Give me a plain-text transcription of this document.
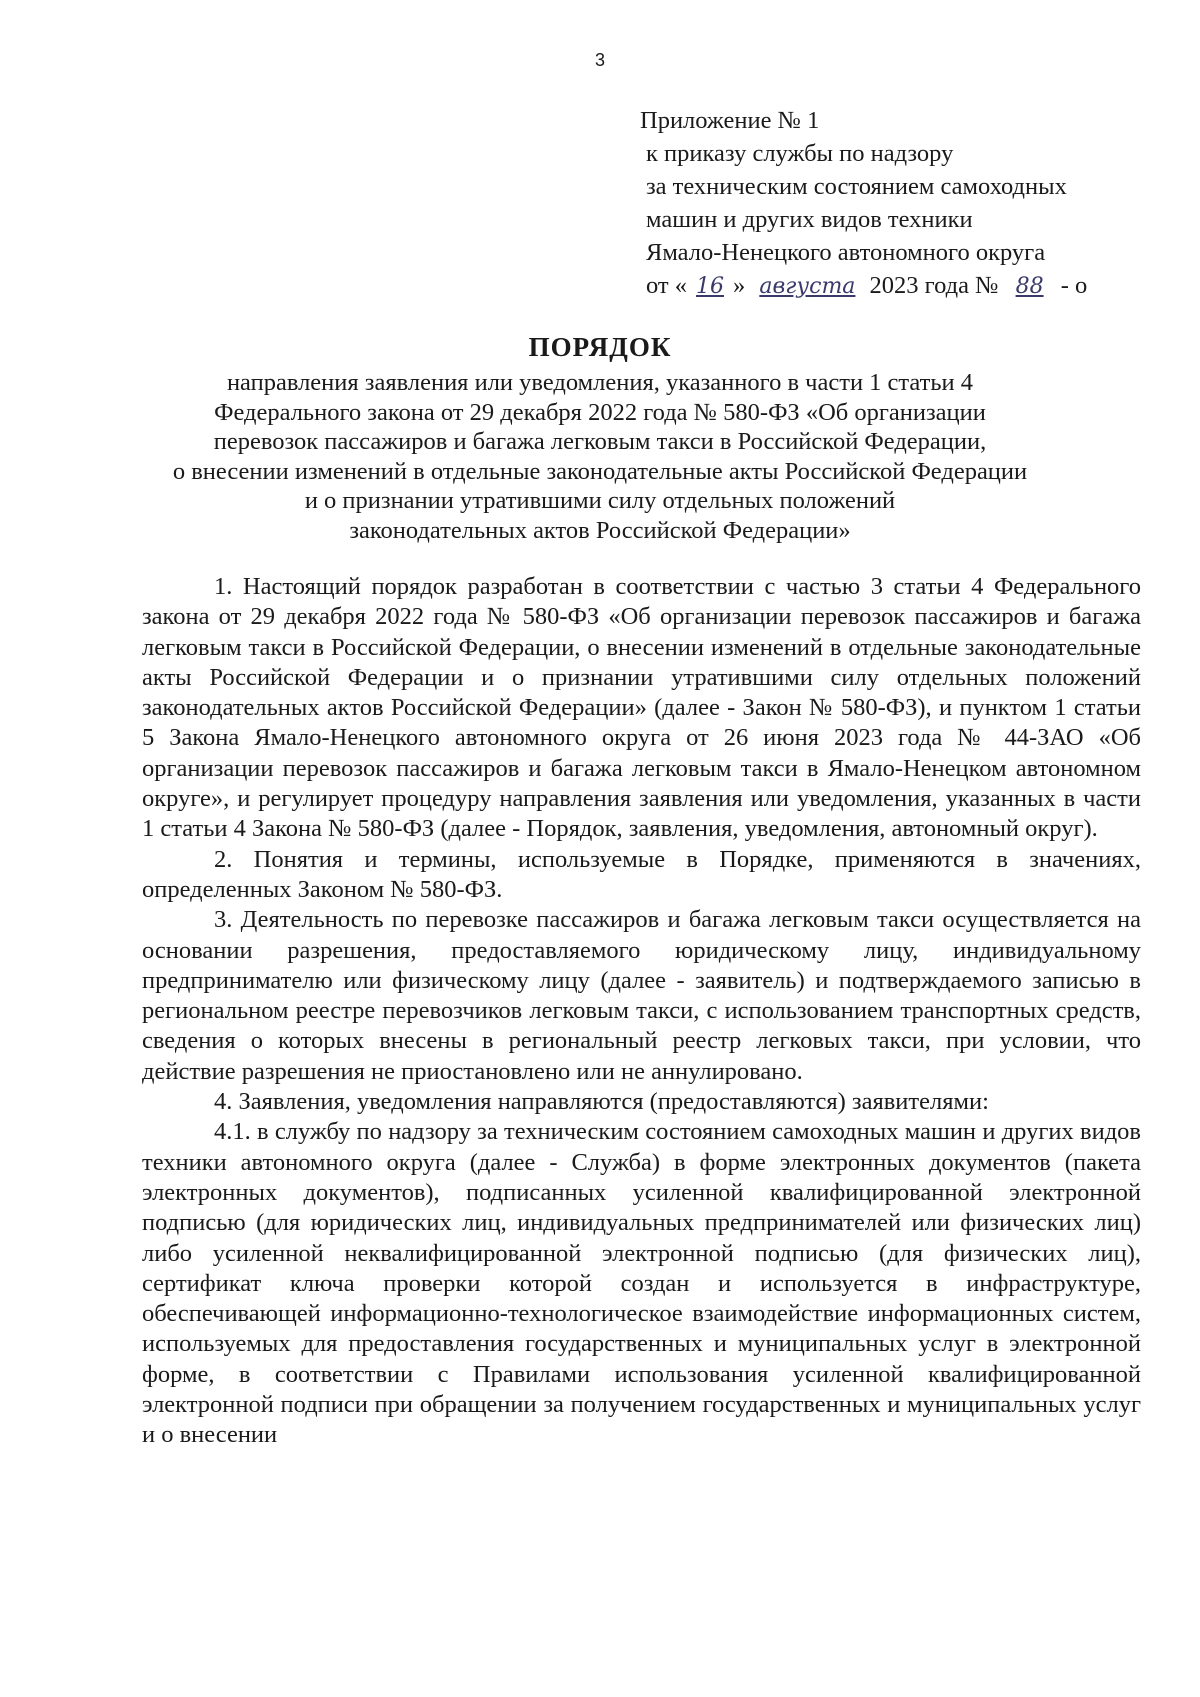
3
Приложение № 1
к приказу службы по надзору
за техническим состоянием самоходных
машин и других видов техники
Ямало-Ненецкого автономного округа
от « 16 » августа 2023 года № 88 - о
ПОРЯДОК
направления заявления или уведомления, указанного в части 1 статьи 4
Федерального закона от 29 декабря 2022 года № 580-ФЗ «Об организации
перевозок пассажиров и багажа легковым такси в Российской Федерации,
о внесении изменений в отдельные законодательные акты Российской Федерации
и о признании утратившими силу отдельных положений
законодательных актов Российской Федерации»

1. Настоящий порядок разработан в соответствии с частью 3 статьи 4 Федерального закона от 29 декабря 2022 года № 580-ФЗ «Об организации перевозок пассажиров и багажа легковым такси в Российской Федерации, о внесении изменений в отдельные законодательные акты Российской Федерации и о признании утратившими силу отдельных положений законодательных актов Российской Федерации» (далее - Закон № 580-ФЗ), и пунктом 1 статьи 5 Закона Ямало-Ненецкого автономного округа от 26 июня 2023 года № 44-ЗАО «Об организации перевозок пассажиров и багажа легковым такси в Ямало-Ненецком автономном округе», и регулирует процедуру направления заявления или уведомления, указанных в части 1 статьи 4 Закона № 580-ФЗ (далее - Порядок, заявления, уведомления, автономный округ).

2. Понятия и термины, используемые в Порядке, применяются в значениях, определенных Законом № 580-ФЗ.

3. Деятельность по перевозке пассажиров и багажа легковым такси осуществляется на основании разрешения, предоставляемого юридическому лицу, индивидуальному предпринимателю или физическому лицу (далее - заявитель) и подтверждаемого записью в региональном реестре перевозчиков легковым такси, с использованием транспортных средств, сведения о которых внесены в региональный реестр легковых такси, при условии, что действие разрешения не приостановлено или не аннулировано.

4. Заявления, уведомления направляются (предоставляются) заявителями:

4.1. в службу по надзору за техническим состоянием самоходных машин и других видов техники автономного округа (далее - Служба) в форме электронных документов (пакета электронных документов), подписанных усиленной квалифицированной электронной подписью (для юридических лиц, индивидуальных предпринимателей или физических лиц) либо усиленной неквалифицированной электронной подписью (для физических лиц), сертификат ключа проверки которой создан и используется в инфраструктуре, обеспечивающей информационно-технологическое взаимодействие информационных систем, используемых для предоставления государственных и муниципальных услуг в электронной форме, в соответствии с Правилами использования усиленной квалифицированной электронной подписи при обращении за получением государственных и муниципальных услуг и о внесении
